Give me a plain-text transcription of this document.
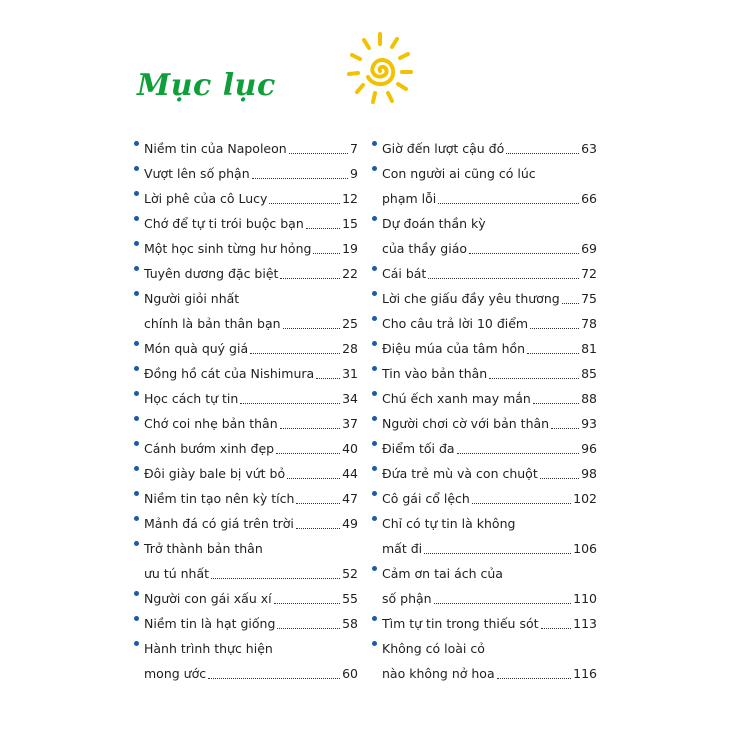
Mục lục
Niềm tin của Napoleon	7
Vượt lên số phận	9
Lời phê của cô Lucy	12
Chớ để tự ti trói buộc bạn	15
Một học sinh từng hư hỏng 19
Tuyên dương đặc biệt	22
Người giỏi nhất
chính là bản thân bạn	25
Món quà quý giá	28
Đồng hồ cát của Nishimura 31
Học cách tự tin	34
Chớ coi nhẹ bản thân	37
Cánh bướm xinh đẹp	40
Đôi giày bale bị vứt bỏ	44
Niềm tin tạo nên kỳ tích	47
Mảnh đá có giá trên trời	49
Trở thành bản thân
ưu tú nhất	52
Người con gái xấu xí	55
Niềm tin là hạt giống	58
Hành trình thực hiện
mong ước	60
Giờ đến lượt cậu đó	63
Con người ai cũng có lúc
phạm lỗi	66
Dự đoán thần kỳ
của thầy giáo	69
Cái bát	72
Lời che giấu đầy yêu thương 75
Cho câu trả lời 10 điểm	78
Điệu múa của tâm hồn	81
Tin vào bản thân	85
Chú ếch xanh may mắn	88
Người chơi cờ với bản thân	93
Điểm tối đa	96
Đứa trẻ mù và con chuột	98
Cô gái cổ lệch	102
Chỉ có tự tin là không
mất đi	106
Cảm ơn tai ách của
số phận	110
Tìm tự tin trong thiếu sót	113
Không có loài cỏ
nào không nở hoa	116
